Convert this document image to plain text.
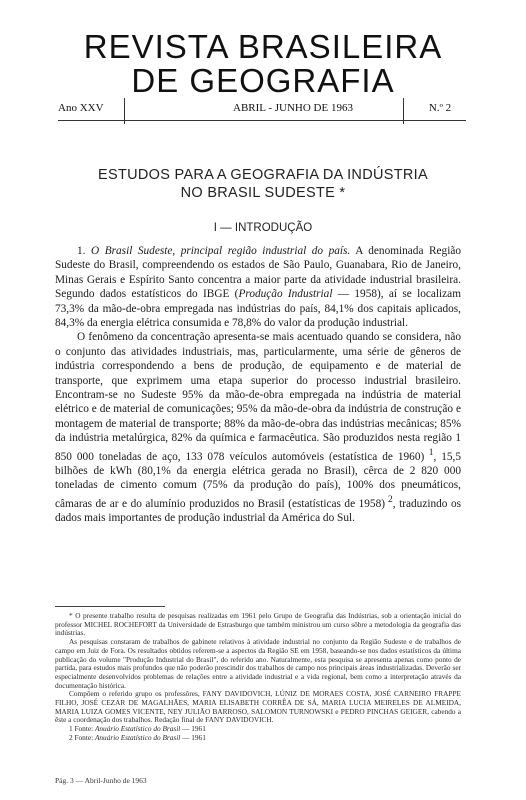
REVISTA BRASILEIRA
DE GEOGRAFIA
Ano XXV	ABRIL - JUNHO DE 1963	N.º 2
ESTUDOS PARA A GEOGRAFIA DA INDÚSTRIA
NO BRASIL SUDESTE *
I — INTRODUÇÃO

1. O Brasil Sudeste, principal região industrial do país. A denominada Região Sudeste do Brasil, compreendendo os estados de São Paulo, Guanabara, Rio de Janeiro, Minas Gerais e Espírito Santo concentra a maior parte da atividade industrial brasileira. Segundo dados estatísticos do IBGE (Produção Industrial — 1958), aí se localizam 73,3% da mão-de-obra empregada nas indústrias do país, 84,1% dos capitais aplicados, 84,3% da energia elétrica consumida e 78,8% do valor da produção industrial.

O fenômeno da concentração apresenta-se mais acentuado quando se considera, não o conjunto das atividades industriais, mas, particularmente, uma série de gêneros de indústria correspondendo a bens de produção, de equipamento e de material de transporte, que exprimem uma etapa superior do processo industrial brasileiro. Encontram-se no Sudeste 95% da mão-de-obra empregada na indústria de material elétrico e de material de comunicações; 95% da mão-de-obra da indústria de construção e montagem de material de transporte; 88% da mão-de-obra das indústrias mecânicas; 85% da indústria metalúrgica, 82% da química e farmacêutica. São produzidos nesta região 1 850 000 toneladas de aço, 133 078 veículos automóveis (estatística de 1960) $^1$, 15,5 bilhões de kWh (80,1% da energia elétrica gerada no Brasil), cêrca de 2 820 000 toneladas de cimento comum (75% da produção do país), 100% dos pneumáticos, câmaras de ar e do alumínio produzidos no Brasil (estatísticas de 1958) $^2$, traduzindo os dados mais importantes de produção industrial da América do Sul.

* O presente trabalho resulta de pesquisas realizadas em 1961 pelo Grupo de Geografia das Indústrias, sob a orientação inicial do professor MICHEL ROCHEFORT da Universidade de Estrasburgo que também ministrou um curso sôbre a metodologia da geografia das indústrias.

As pesquisas constaram de trabalhos de gabinete relativos à atividade industrial no conjunto da Região Sudeste e de trabalhos de campo em Juiz de Fora. Os resultados obtidos referem-se a aspectos da Região SE em 1958, baseando-se nos dados estatísticos da última publicação do volume "Produção Industrial do Brasil", do referido ano. Naturalmente, esta pesquisa se apresenta apenas como ponto de partida, para estudos mais profundos que não poderão prescindir dos trabalhos de campo nos principais áreas industrializadas. Deverão ser especialmente desenvolvidos problemas de relações entre a atividade industrial e a vida regional, bem como a interpretação através da documentação histórica.

Compõem o referido grupo os professôres, FANY DAVIDOVICH, LÚNIZ DE MORAES COSTA, JOSÉ CARNEIRO FRAPPE FILHO, JOSÉ CEZAR DE MAGALHÃES, MARIA ELISABETH CORRÊA DE SÁ, MARIA LUCIA MEIRELES DE ALMEIDA, MARIA LUIZA GOMES VICENTE, NEY JULIÃO BARROSO, SALOMON TURNOWSKI e PEDRO PINCHAS GEIGER, cabendo a êste a coordenação dos trabalhos. Redação final de FANY DAVIDOVICH.

1 Fonte: Anuário Estatístico do Brasil — 1961

2 Fonte: Anuário Estatístico do Brasil — 1961

Pág. 3 — Abril-Junho de 1963
